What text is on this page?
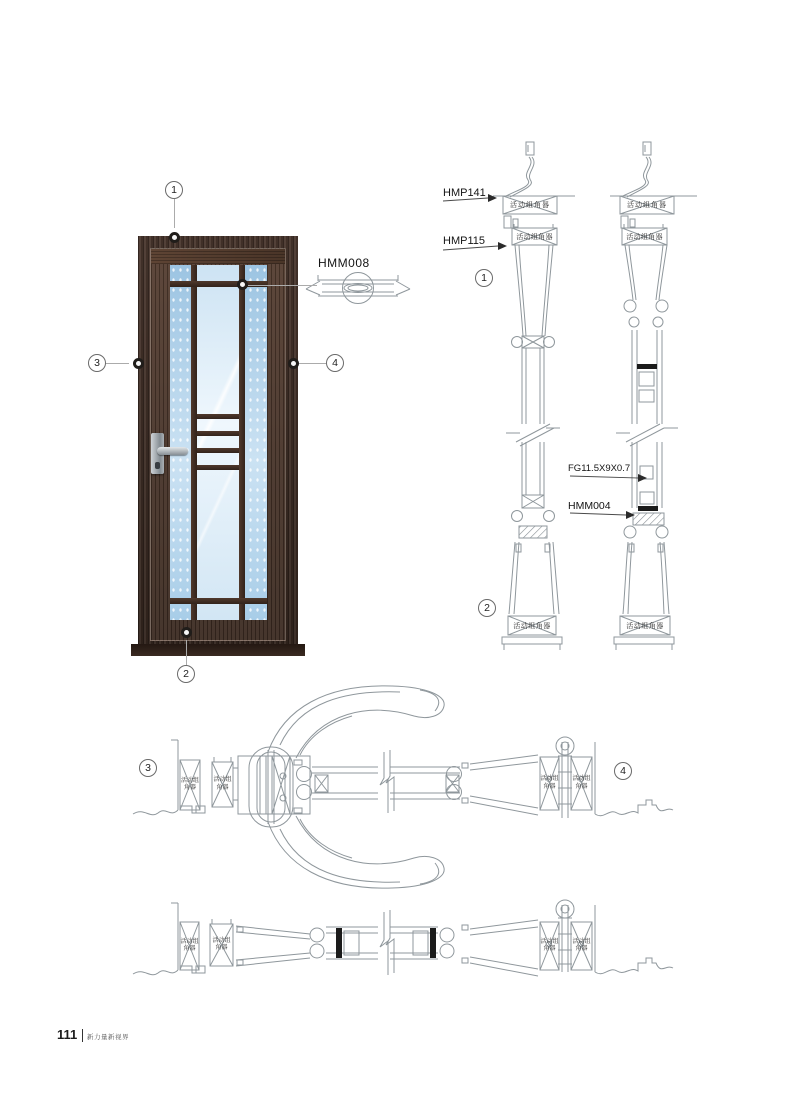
1
2
3	4
1
2
3	4
HMM008
HMP141
HMP115
FG11.5X9X0.7
HMM004
活动组角器	活动组角器
活动组角器	活动组角器
活动组角器	活动组角器
活动组角器
活动组角器
活动组角器
活动组角器
活动组角器
活动组角器
活动组角器
活动组角器
111 新力量新视界
